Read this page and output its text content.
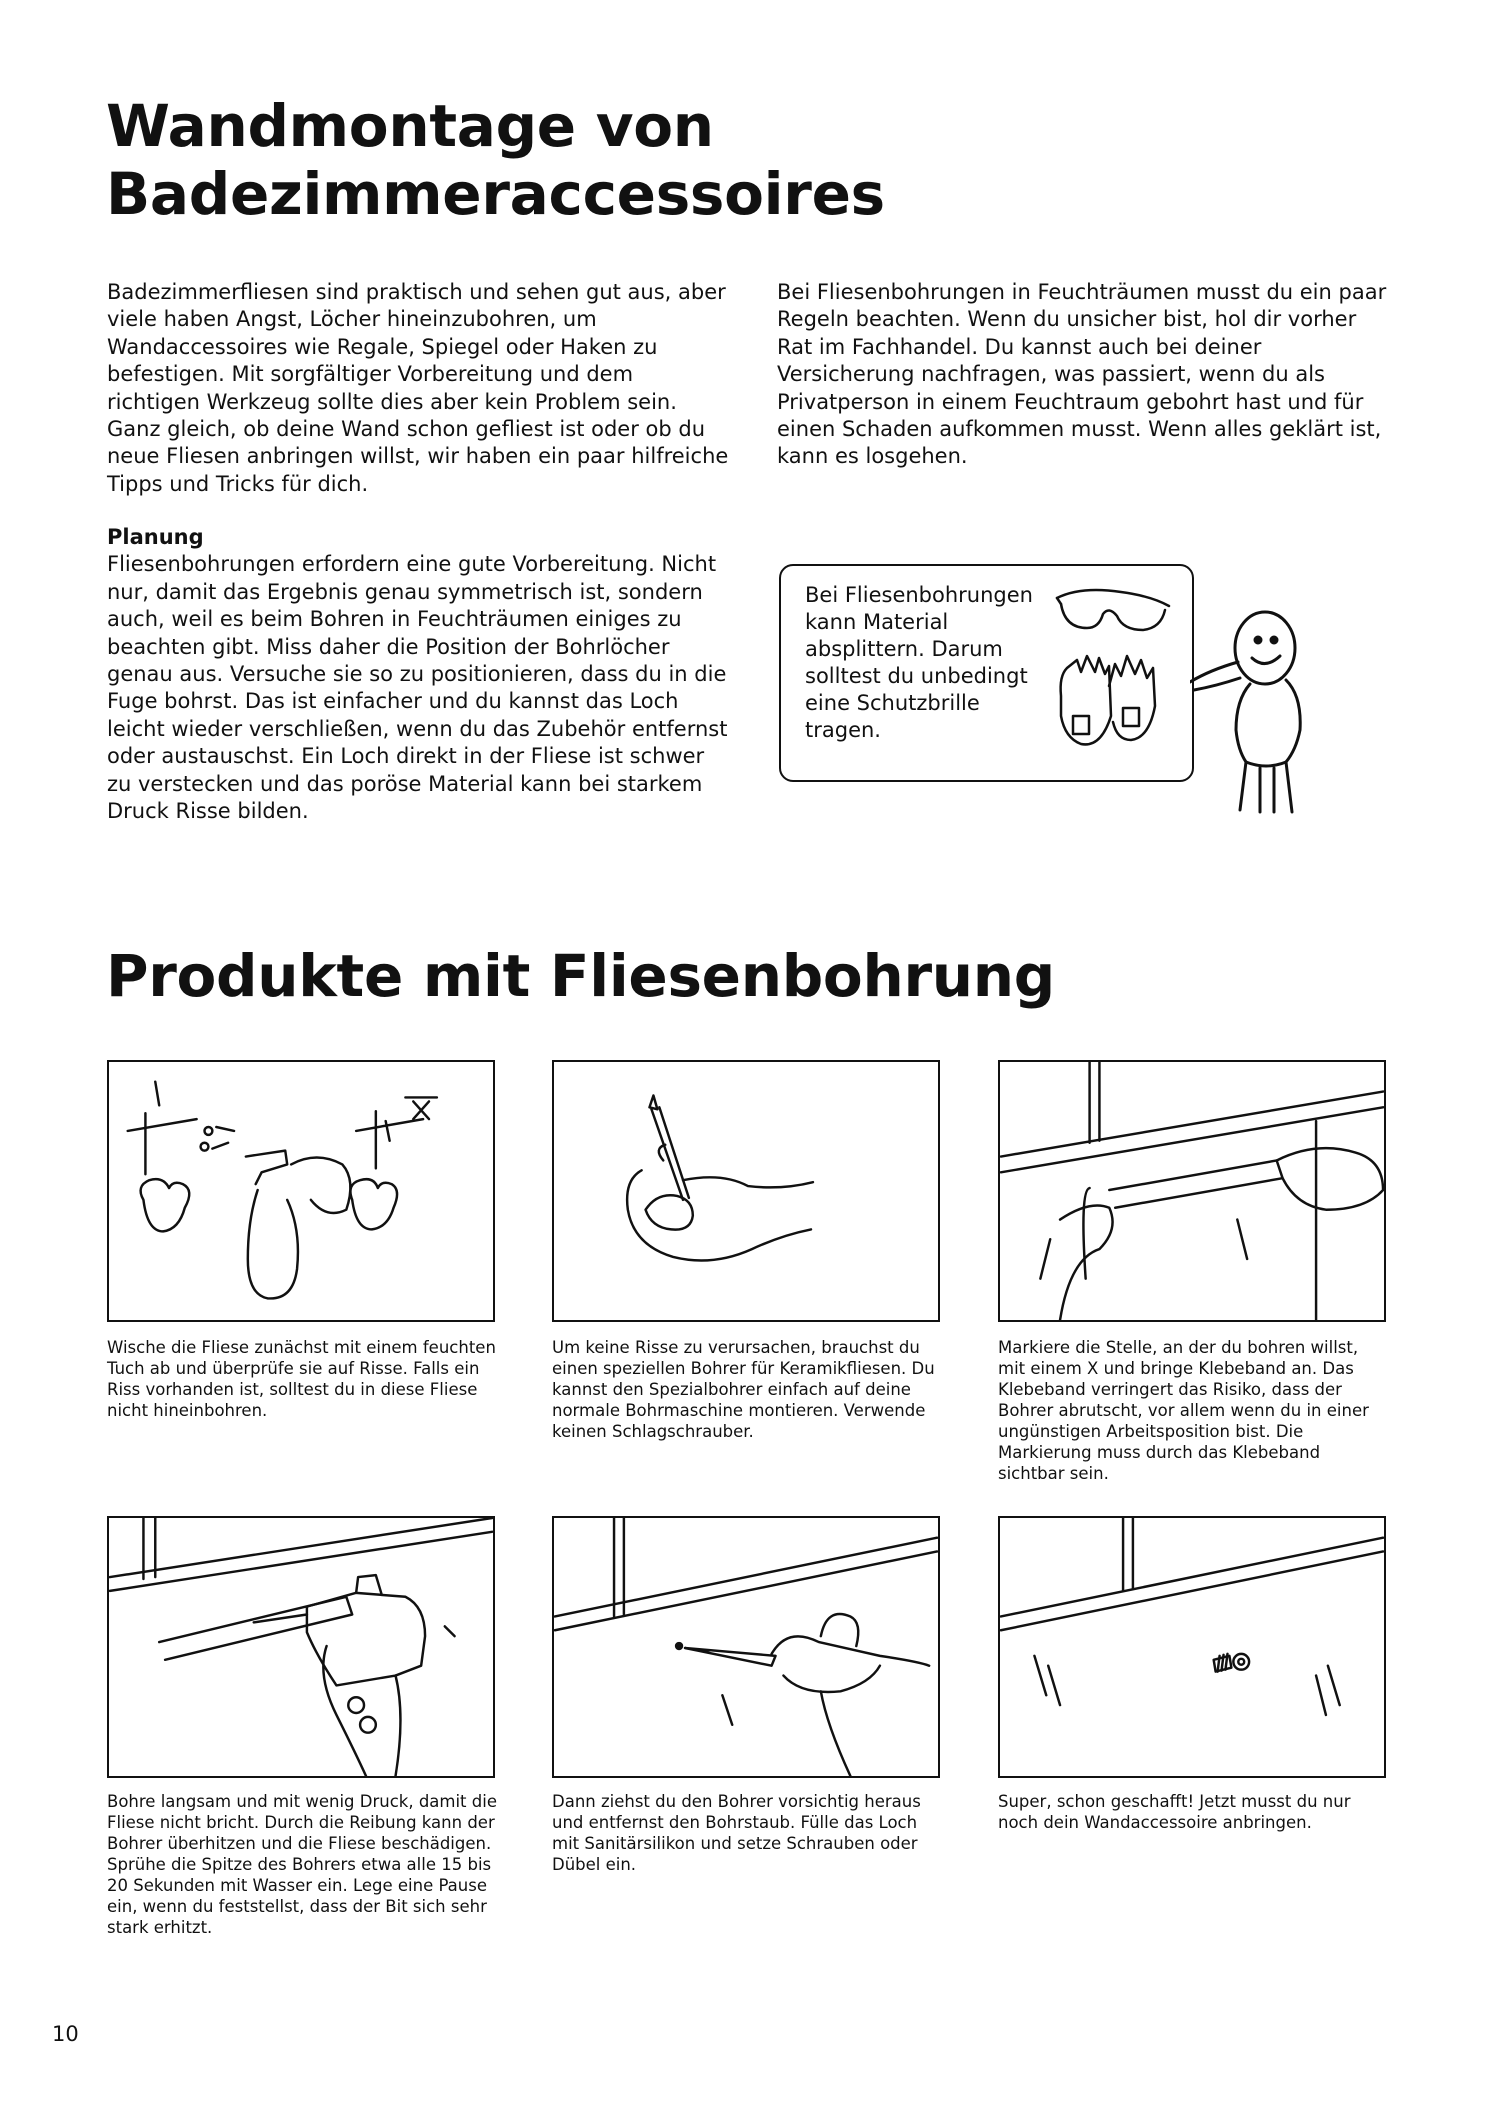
Wandmontage von
Badezimmeraccessoires

Badezimmerfliesen sind praktisch und sehen gut aus, aber viele haben Angst, Löcher hineinzubohren, um Wandaccessoires wie Regale, Spiegel oder Haken zu befestigen. Mit sorgfältiger Vorbereitung und dem richtigen Werkzeug sollte dies aber kein Problem sein. Ganz gleich, ob deine Wand schon gefliest ist oder ob du neue Fliesen anbringen willst, wir haben ein paar hilfreiche Tipps und Tricks für dich.

Planung

Fliesenbohrungen erfordern eine gute Vorbereitung. Nicht nur, damit das Ergebnis genau symmetrisch ist, sondern auch, weil es beim Bohren in Feuchträumen einiges zu beachten gibt. Miss daher die Position der Bohrlöcher genau aus. Versuche sie so zu positionieren, dass du in die Fuge bohrst. Das ist einfacher und du kannst das Loch leicht wieder verschließen, wenn du das Zubehör entfernst oder austauschst. Ein Loch direkt in der Fliese ist schwer zu verstecken und das poröse Material kann bei starkem Druck Risse bilden.

Bei Fliesenbohrungen in Feuchträumen musst du ein paar Regeln beachten. Wenn du unsicher bist, hol dir vorher Rat im Fachhandel. Du kannst auch bei deiner Versicherung nachfragen, was passiert, wenn du als Privatperson in einem Feuchtraum gebohrt hast und für einen Schaden aufkommen musst. Wenn alles geklärt ist, kann es losgehen.

Bei Fliesenbohrungen kann Material absplittern. Darum solltest du unbedingt eine Schutzbrille tragen.

Produkte mit Fliesenbohrung

Wische die Fliese zunächst mit einem feuchten Tuch ab und überprüfe sie auf Risse. Falls ein Riss vorhanden ist, solltest du in diese Fliese nicht hineinbohren.

Um keine Risse zu verursachen, brauchst du einen speziellen Bohrer für Keramikfliesen. Du kannst den Spezialbohrer einfach auf deine normale Bohrmaschine montieren. Verwende keinen Schlagschrauber.

Markiere die Stelle, an der du bohren willst, mit einem X und bringe Klebeband an. Das Klebeband verringert das Risiko, dass der Bohrer abrutscht, vor allem wenn du in einer ungünstigen Arbeitsposition bist. Die Markierung muss durch das Klebeband sichtbar sein.

Bohre langsam und mit wenig Druck, damit die Fliese nicht bricht. Durch die Reibung kann der Bohrer überhitzen und die Fliese beschädigen. Sprühe die Spitze des Bohrers etwa alle 15 bis 20 Sekunden mit Wasser ein. Lege eine Pause ein, wenn du feststellst, dass der Bit sich sehr stark erhitzt.

Dann ziehst du den Bohrer vorsichtig heraus und entfernst den Bohrstaub. Fülle das Loch mit Sanitärsilikon und setze Schrauben oder Dübel ein.

Super, schon geschafft! Jetzt musst du nur noch dein Wandaccessoire anbringen.

10
